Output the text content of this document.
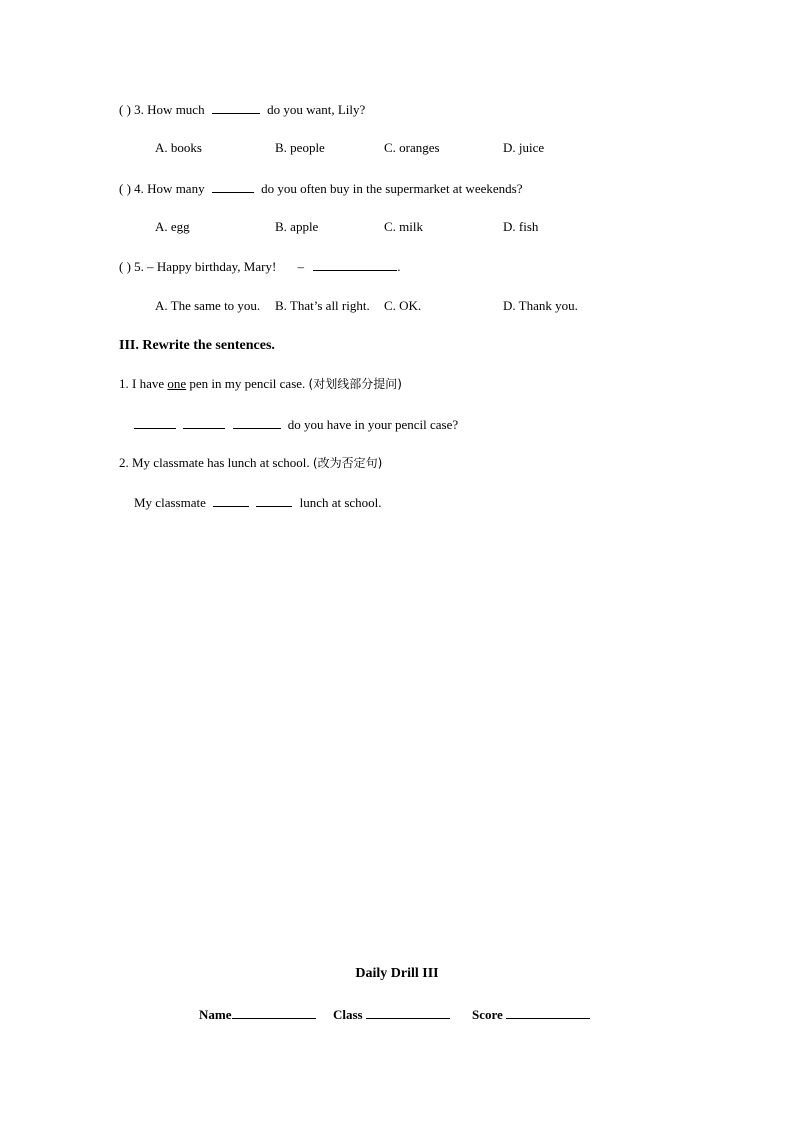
( ) 3. How much	do you want, Lily?
A. books	B. people	C. oranges	D. juice
( ) 4. How many	do you often buy in the supermarket at weekends?
A. egg	B. apple	C. milk	D. fish
( ) 5. – Happy birthday, Mary! –	.
A. The same to you. B. That’s all right. C. OK.	D. Thank you.
III. Rewrite the sentences.
1. I have one pen in my pencil case. (对划线部分提问)
do you have in your pencil case?
2. My classmate has lunch at school. (改为否定句)
My classmate	lunch at school.
Daily Drill III
Name	Class	Score
